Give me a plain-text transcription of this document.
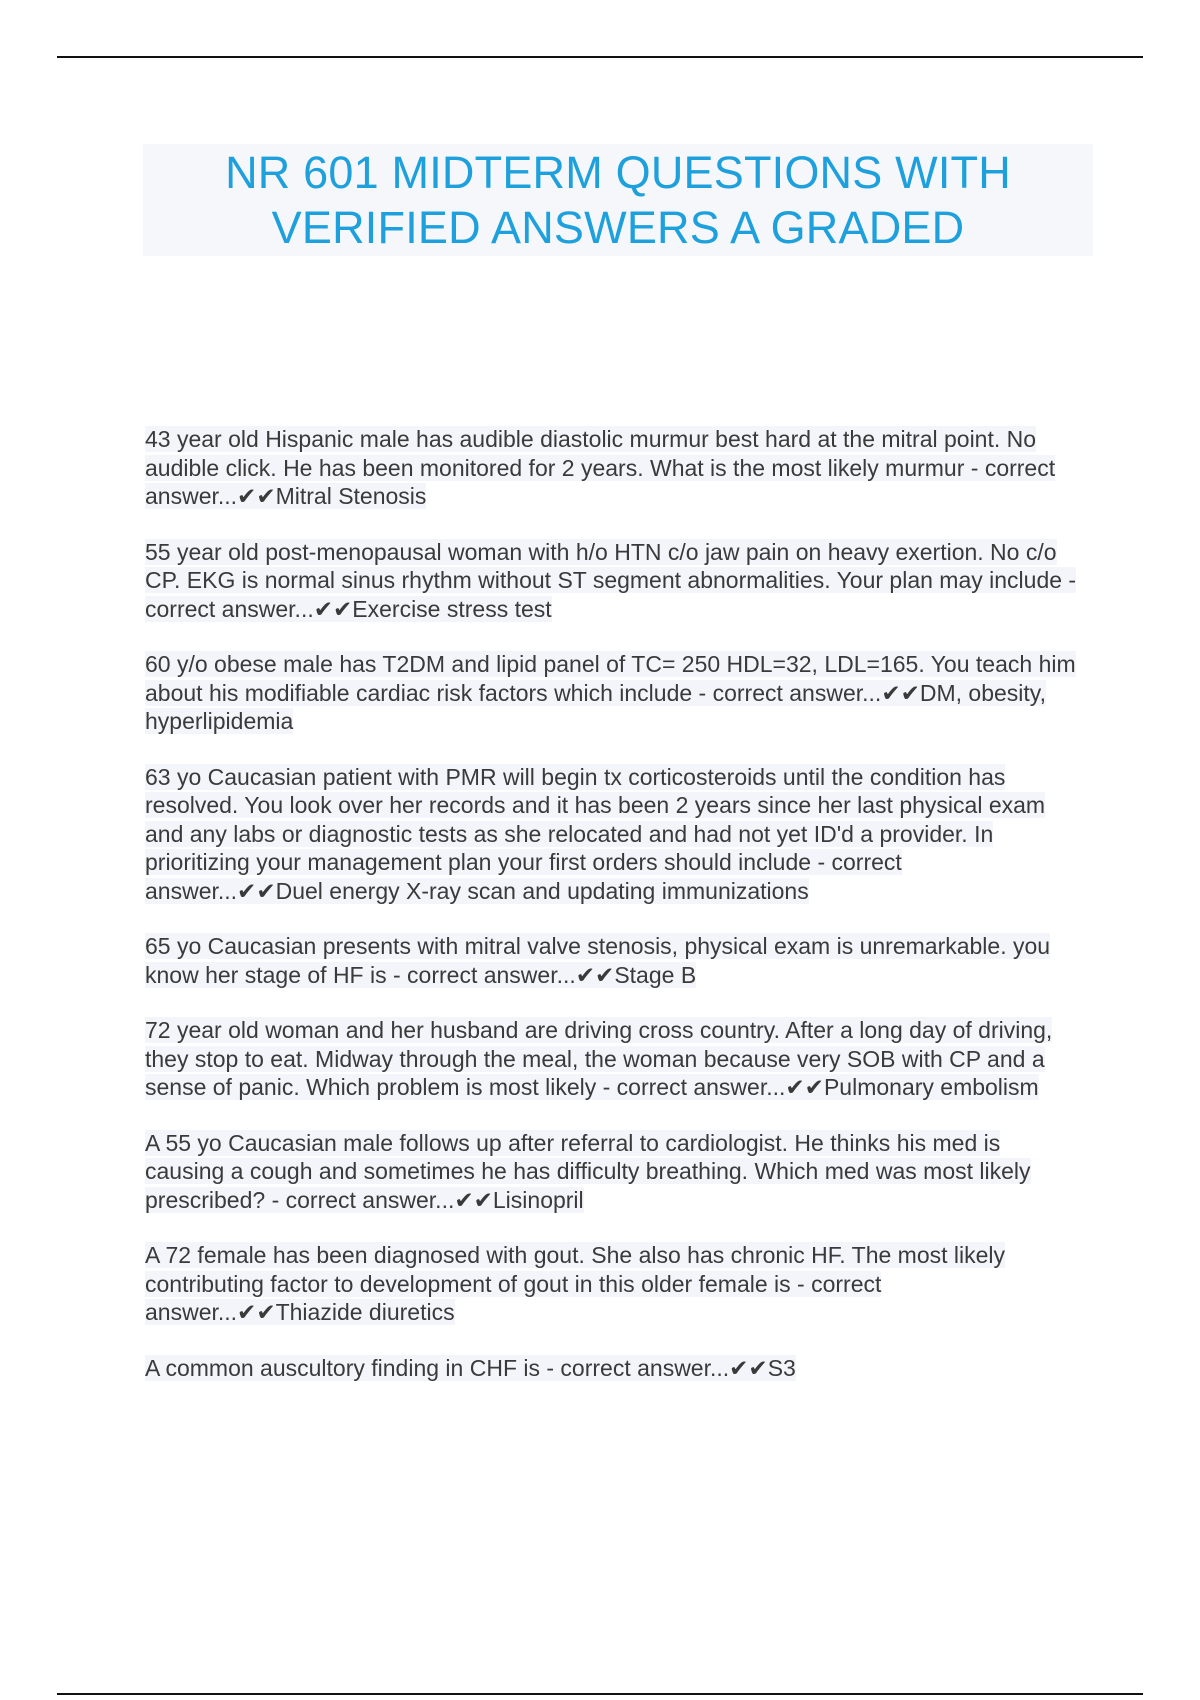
NR 601 MIDTERM QUESTIONS WITH
VERIFIED ANSWERS A GRADED

43 year old Hispanic male has audible diastolic murmur best hard at the mitral point. No audible click. He has been monitored for 2 years. What is the most likely murmur - correct answer...✔✔Mitral Stenosis

55 year old post-menopausal woman with h/o HTN c/o jaw pain on heavy exertion. No c/o CP. EKG is normal sinus rhythm without ST segment abnormalities. Your plan may include - correct answer...✔✔Exercise stress test

60 y/o obese male has T2DM and lipid panel of TC= 250 HDL=32, LDL=165. You teach him about his modifiable cardiac risk factors which include - correct answer...✔✔DM, obesity, hyperlipidemia

63 yo Caucasian patient with PMR will begin tx corticosteroids until the condition has resolved. You look over her records and it has been 2 years since her last physical exam and any labs or diagnostic tests as she relocated and had not yet ID'd a provider. In prioritizing your management plan your first orders should include - correct answer...✔✔Duel energy X-ray scan and updating immunizations

65 yo Caucasian presents with mitral valve stenosis, physical exam is unremarkable. you know her stage of HF is - correct answer...✔✔Stage B

72 year old woman and her husband are driving cross country. After a long day of driving, they stop to eat. Midway through the meal, the woman because very SOB with CP and a sense of panic. Which problem is most likely - correct answer...✔✔Pulmonary embolism

A 55 yo Caucasian male follows up after referral to cardiologist. He thinks his med is causing a cough and sometimes he has difficulty breathing. Which med was most likely prescribed? - correct answer...✔✔Lisinopril

A 72 female has been diagnosed with gout. She also has chronic HF. The most likely contributing factor to development of gout in this older female is - correct answer...✔✔Thiazide diuretics

A common auscultory finding in CHF is - correct answer...✔✔S3
